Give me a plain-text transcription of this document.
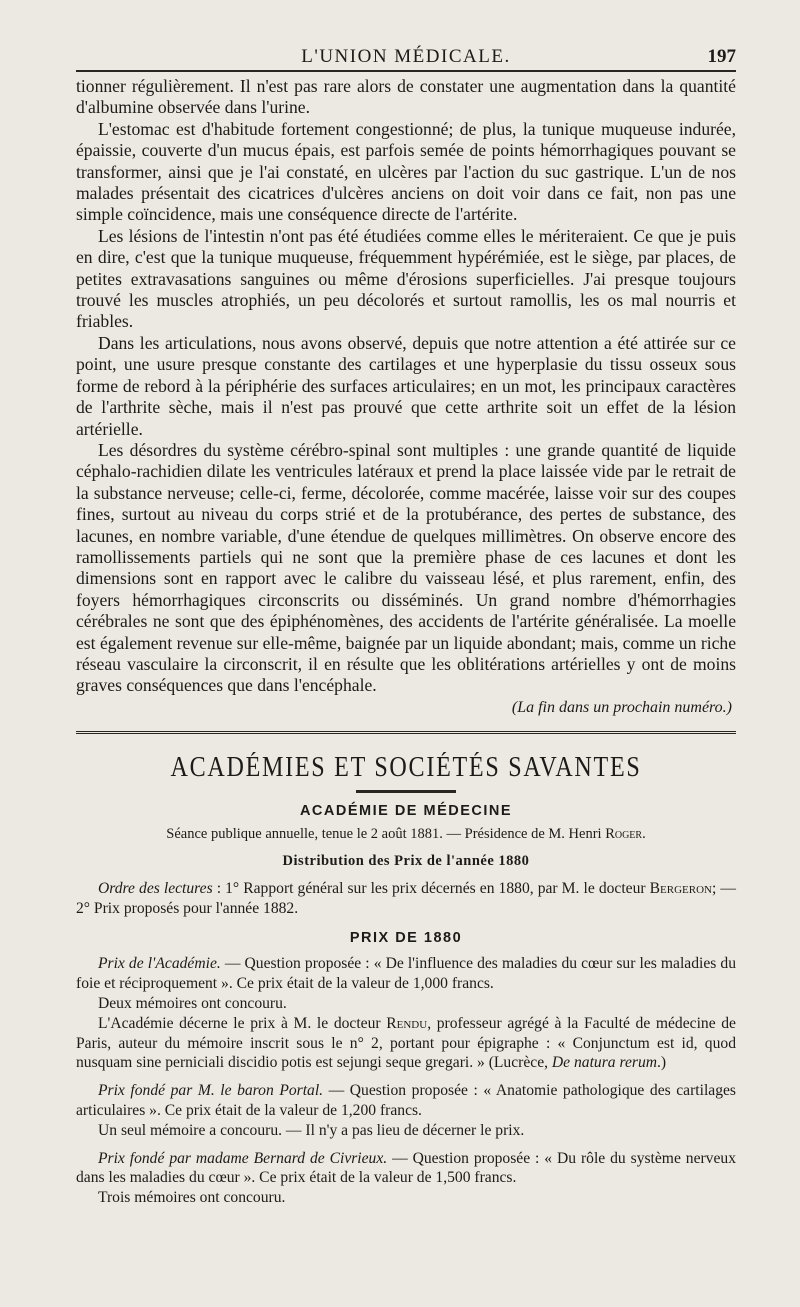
L'UNION MÉDICALE.	197

tionner régulièrement. Il n'est pas rare alors de constater une augmentation dans la quantité d'albumine observée dans l'urine.

L'estomac est d'habitude fortement congestionné; de plus, la tunique muqueuse indurée, épaissie, couverte d'un mucus épais, est parfois semée de points hémorrhagiques pouvant se transformer, ainsi que je l'ai constaté, en ulcères par l'action du suc gastrique. L'un de nos malades présentait des cicatrices d'ulcères anciens on doit voir dans ce fait, non pas une simple coïncidence, mais une conséquence directe de l'artérite.

Les lésions de l'intestin n'ont pas été étudiées comme elles le mériteraient. Ce que je puis en dire, c'est que la tunique muqueuse, fréquemment hypérémiée, est le siège, par places, de petites extravasations sanguines ou même d'érosions superficielles. J'ai presque toujours trouvé les muscles atrophiés, un peu décolorés et surtout ramollis, les os mal nourris et friables.

Dans les articulations, nous avons observé, depuis que notre attention a été attirée sur ce point, une usure presque constante des cartilages et une hyperplasie du tissu osseux sous forme de rebord à la périphérie des surfaces articulaires; en un mot, les principaux caractères de l'arthrite sèche, mais il n'est pas prouvé que cette arthrite soit un effet de la lésion artérielle.

Les désordres du système cérébro-spinal sont multiples : une grande quantité de liquide céphalo-rachidien dilate les ventricules latéraux et prend la place laissée vide par le retrait de la substance nerveuse; celle-ci, ferme, décolorée, comme macérée, laisse voir sur des coupes fines, surtout au niveau du corps strié et de la protubérance, des pertes de substance, des lacunes, en nombre variable, d'une étendue de quelques millimètres. On observe encore des ramollissements partiels qui ne sont que la première phase de ces lacunes et dont les dimensions sont en rapport avec le calibre du vaisseau lésé, et plus rarement, enfin, des foyers hémorrhagiques circonscrits ou disséminés. Un grand nombre d'hémorrhagies cérébrales ne sont que des épiphénomènes, des accidents de l'artérite généralisée. La moelle est également revenue sur elle-même, baignée par un liquide abondant; mais, comme un riche réseau vasculaire la circonscrit, il en résulte que les oblitérations artérielles y ont de moins graves conséquences que dans l'encéphale.

(La fin dans un prochain numéro.)
ACADÉMIES ET SOCIÉTÉS SAVANTES
ACADÉMIE DE MÉDECINE
Séance publique annuelle, tenue le 2 août 1881. — Présidence de M. Henri Roger.
Distribution des Prix de l'année 1880

Ordre des lectures : 1° Rapport général sur les prix décernés en 1880, par M. le docteur Bergeron; — 2° Prix proposés pour l'année 1882.

PRIX DE 1880

Prix de l'Académie. — Question proposée : « De l'influence des maladies du cœur sur les maladies du foie et réciproquement ». Ce prix était de la valeur de 1,000 francs.

Deux mémoires ont concouru.

L'Académie décerne le prix à M. le docteur Rendu, professeur agrégé à la Faculté de médecine de Paris, auteur du mémoire inscrit sous le n° 2, portant pour épigraphe : « Conjunctum est id, quod nusquam sine perniciali discidio potis est sejungi seque gregari. » (Lucrèce, De natura rerum.)

Prix fondé par M. le baron Portal. — Question proposée : « Anatomie pathologique des cartilages articulaires ». Ce prix était de la valeur de 1,200 francs.

Un seul mémoire a concouru. — Il n'y a pas lieu de décerner le prix.

Prix fondé par madame Bernard de Civrieux. — Question proposée : « Du rôle du système nerveux dans les maladies du cœur ». Ce prix était de la valeur de 1,500 francs.

Trois mémoires ont concouru.
